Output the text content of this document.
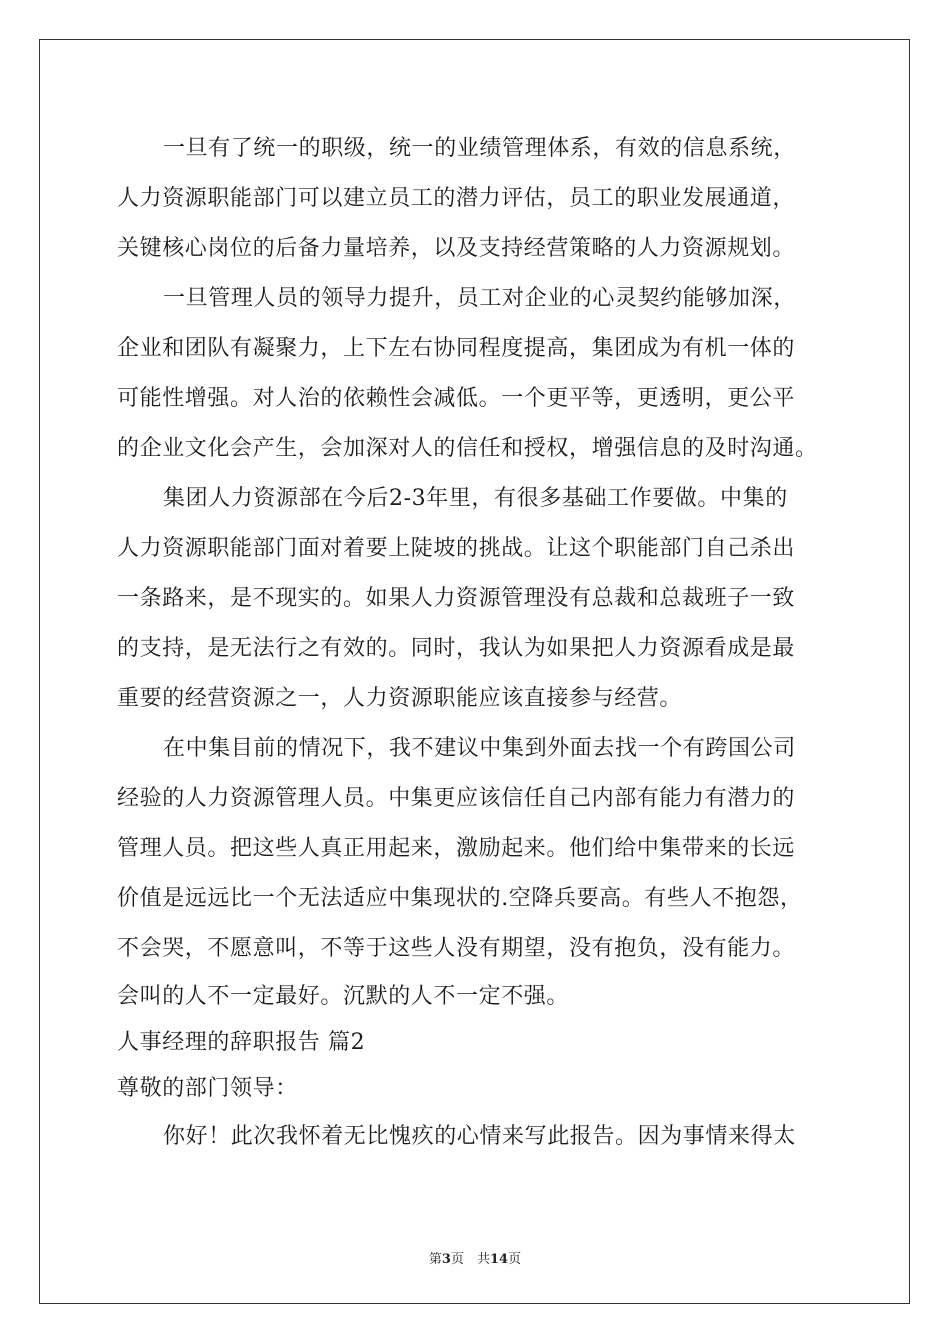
一旦有了统一的职级，统一的业绩管理体系，有效的信息系统，
人力资源职能部门可以建立员工的潜力评估，员工的职业发展通道，
关键核心岗位的后备力量培养，以及支持经营策略的人力资源规划。
一旦管理人员的领导力提升，员工对企业的心灵契约能够加深，
企业和团队有凝聚力，上下左右协同程度提高，集团成为有机一体的
可能性增强。对人治的依赖性会减低。一个更平等，更透明，更公平
的企业文化会产生，会加深对人的信任和授权，增强信息的及时沟通。
集团人力资源部在今后2-3年里，有很多基础工作要做。中集的
人力资源职能部门面对着要上陡坡的挑战。让这个职能部门自己杀出
一条路来，是不现实的。如果人力资源管理没有总裁和总裁班子一致
的支持，是无法行之有效的。同时，我认为如果把人力资源看成是最
重要的经营资源之一，人力资源职能应该直接参与经营。
在中集目前的情况下，我不建议中集到外面去找一个有跨国公司
经验的人力资源管理人员。中集更应该信任自己内部有能力有潜力的
管理人员。把这些人真正用起来，激励起来。他们给中集带来的长远
价值是远远比一个无法适应中集现状的.空降兵要高。有些人不抱怨，
不会哭，不愿意叫，不等于这些人没有期望，没有抱负，没有能力。
会叫的人不一定最好。沉默的人不一定不强。
人事经理的辞职报告 篇2
尊敬的部门领导：
你好！此次我怀着无比愧疚的心情来写此报告。因为事情来得太
第3页　共14页
